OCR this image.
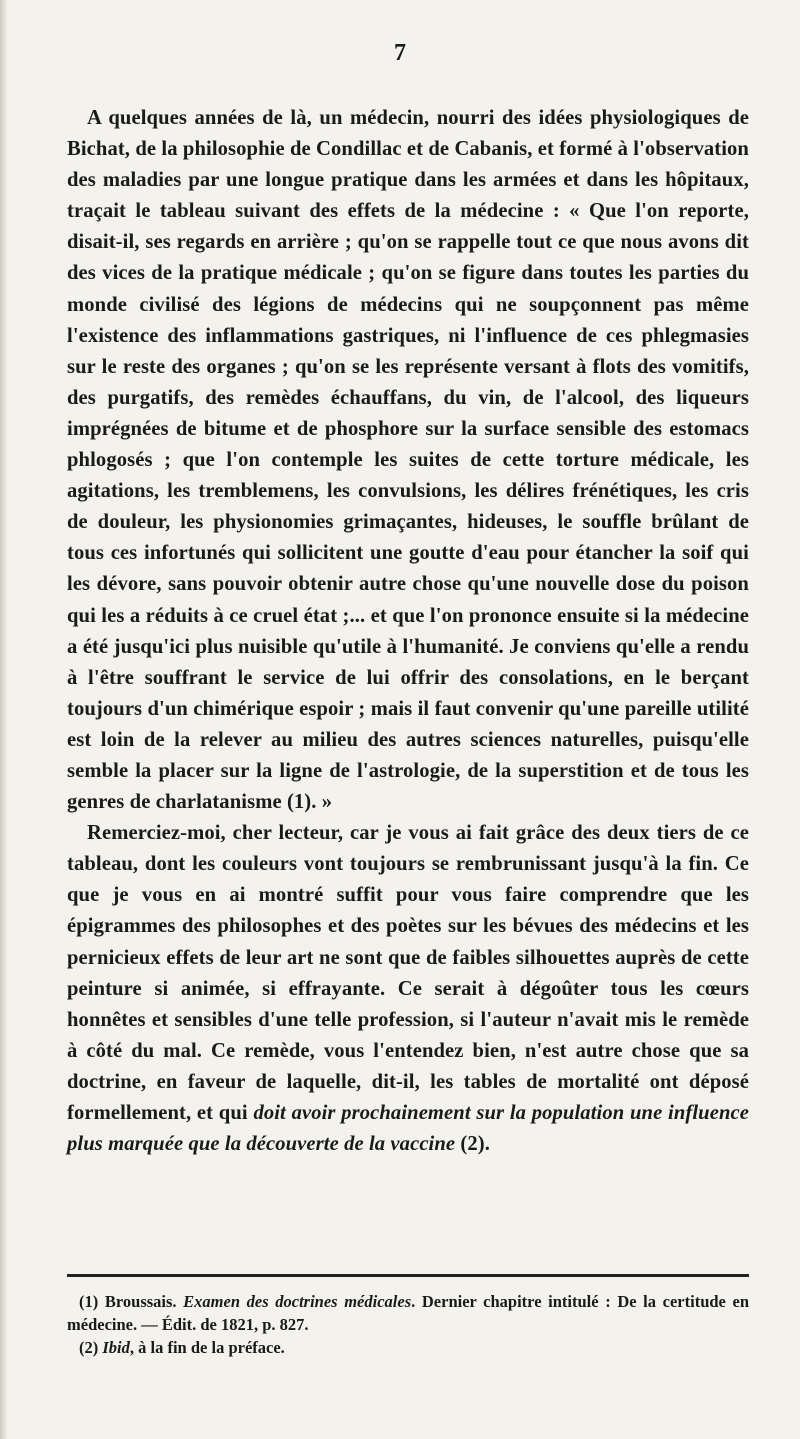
7

A quelques années de là, un médecin, nourri des idées physiologiques de Bichat, de la philosophie de Condillac et de Cabanis, et formé à l'observation des maladies par une longue pratique dans les armées et dans les hôpitaux, traçait le tableau suivant des effets de la médecine : « Que l'on reporte, disait-il, ses regards en arrière ; qu'on se rappelle tout ce que nous avons dit des vices de la pratique médicale ; qu'on se figure dans toutes les parties du monde civilisé des légions de médecins qui ne soupçonnent pas même l'existence des inflammations gastriques, ni l'influence de ces phlegmasies sur le reste des organes ; qu'on se les représente versant à flots des vomitifs, des purgatifs, des remèdes échauffans, du vin, de l'alcool, des liqueurs imprégnées de bitume et de phosphore sur la surface sensible des estomacs phlogosés ; que l'on contemple les suites de cette torture médicale, les agitations, les tremblemens, les convulsions, les délires frénétiques, les cris de douleur, les physionomies grimaçantes, hideuses, le souffle brûlant de tous ces infortunés qui sollicitent une goutte d'eau pour étancher la soif qui les dévore, sans pouvoir obtenir autre chose qu'une nouvelle dose du poison qui les a réduits à ce cruel état ;... et que l'on prononce ensuite si la médecine a été jusqu'ici plus nuisible qu'utile à l'humanité. Je conviens qu'elle a rendu à l'être souffrant le service de lui offrir des consolations, en le berçant toujours d'un chimérique espoir ; mais il faut convenir qu'une pareille utilité est loin de la relever au milieu des autres sciences naturelles, puisqu'elle semble la placer sur la ligne de l'astrologie, de la superstition et de tous les genres de charlatanisme (1). »

Remerciez-moi, cher lecteur, car je vous ai fait grâce des deux tiers de ce tableau, dont les couleurs vont toujours se rembrunissant jusqu'à la fin. Ce que je vous en ai montré suffit pour vous faire comprendre que les épigrammes des philosophes et des poètes sur les bévues des médecins et les pernicieux effets de leur art ne sont que de faibles silhouettes auprès de cette peinture si animée, si effrayante. Ce serait à dégoûter tous les cœurs honnêtes et sensibles d'une telle profession, si l'auteur n'avait mis le remède à côté du mal. Ce remède, vous l'entendez bien, n'est autre chose que sa doctrine, en faveur de laquelle, dit-il, les tables de mortalité ont déposé formellement, et qui doit avoir prochainement sur la population une influence plus marquée que la découverte de la vaccine (2).

(1) Broussais. Examen des doctrines médicales. Dernier chapitre intitulé : De la certitude en médecine. — Édit. de 1821, p. 827.

(2) Ibid, à la fin de la préface.
